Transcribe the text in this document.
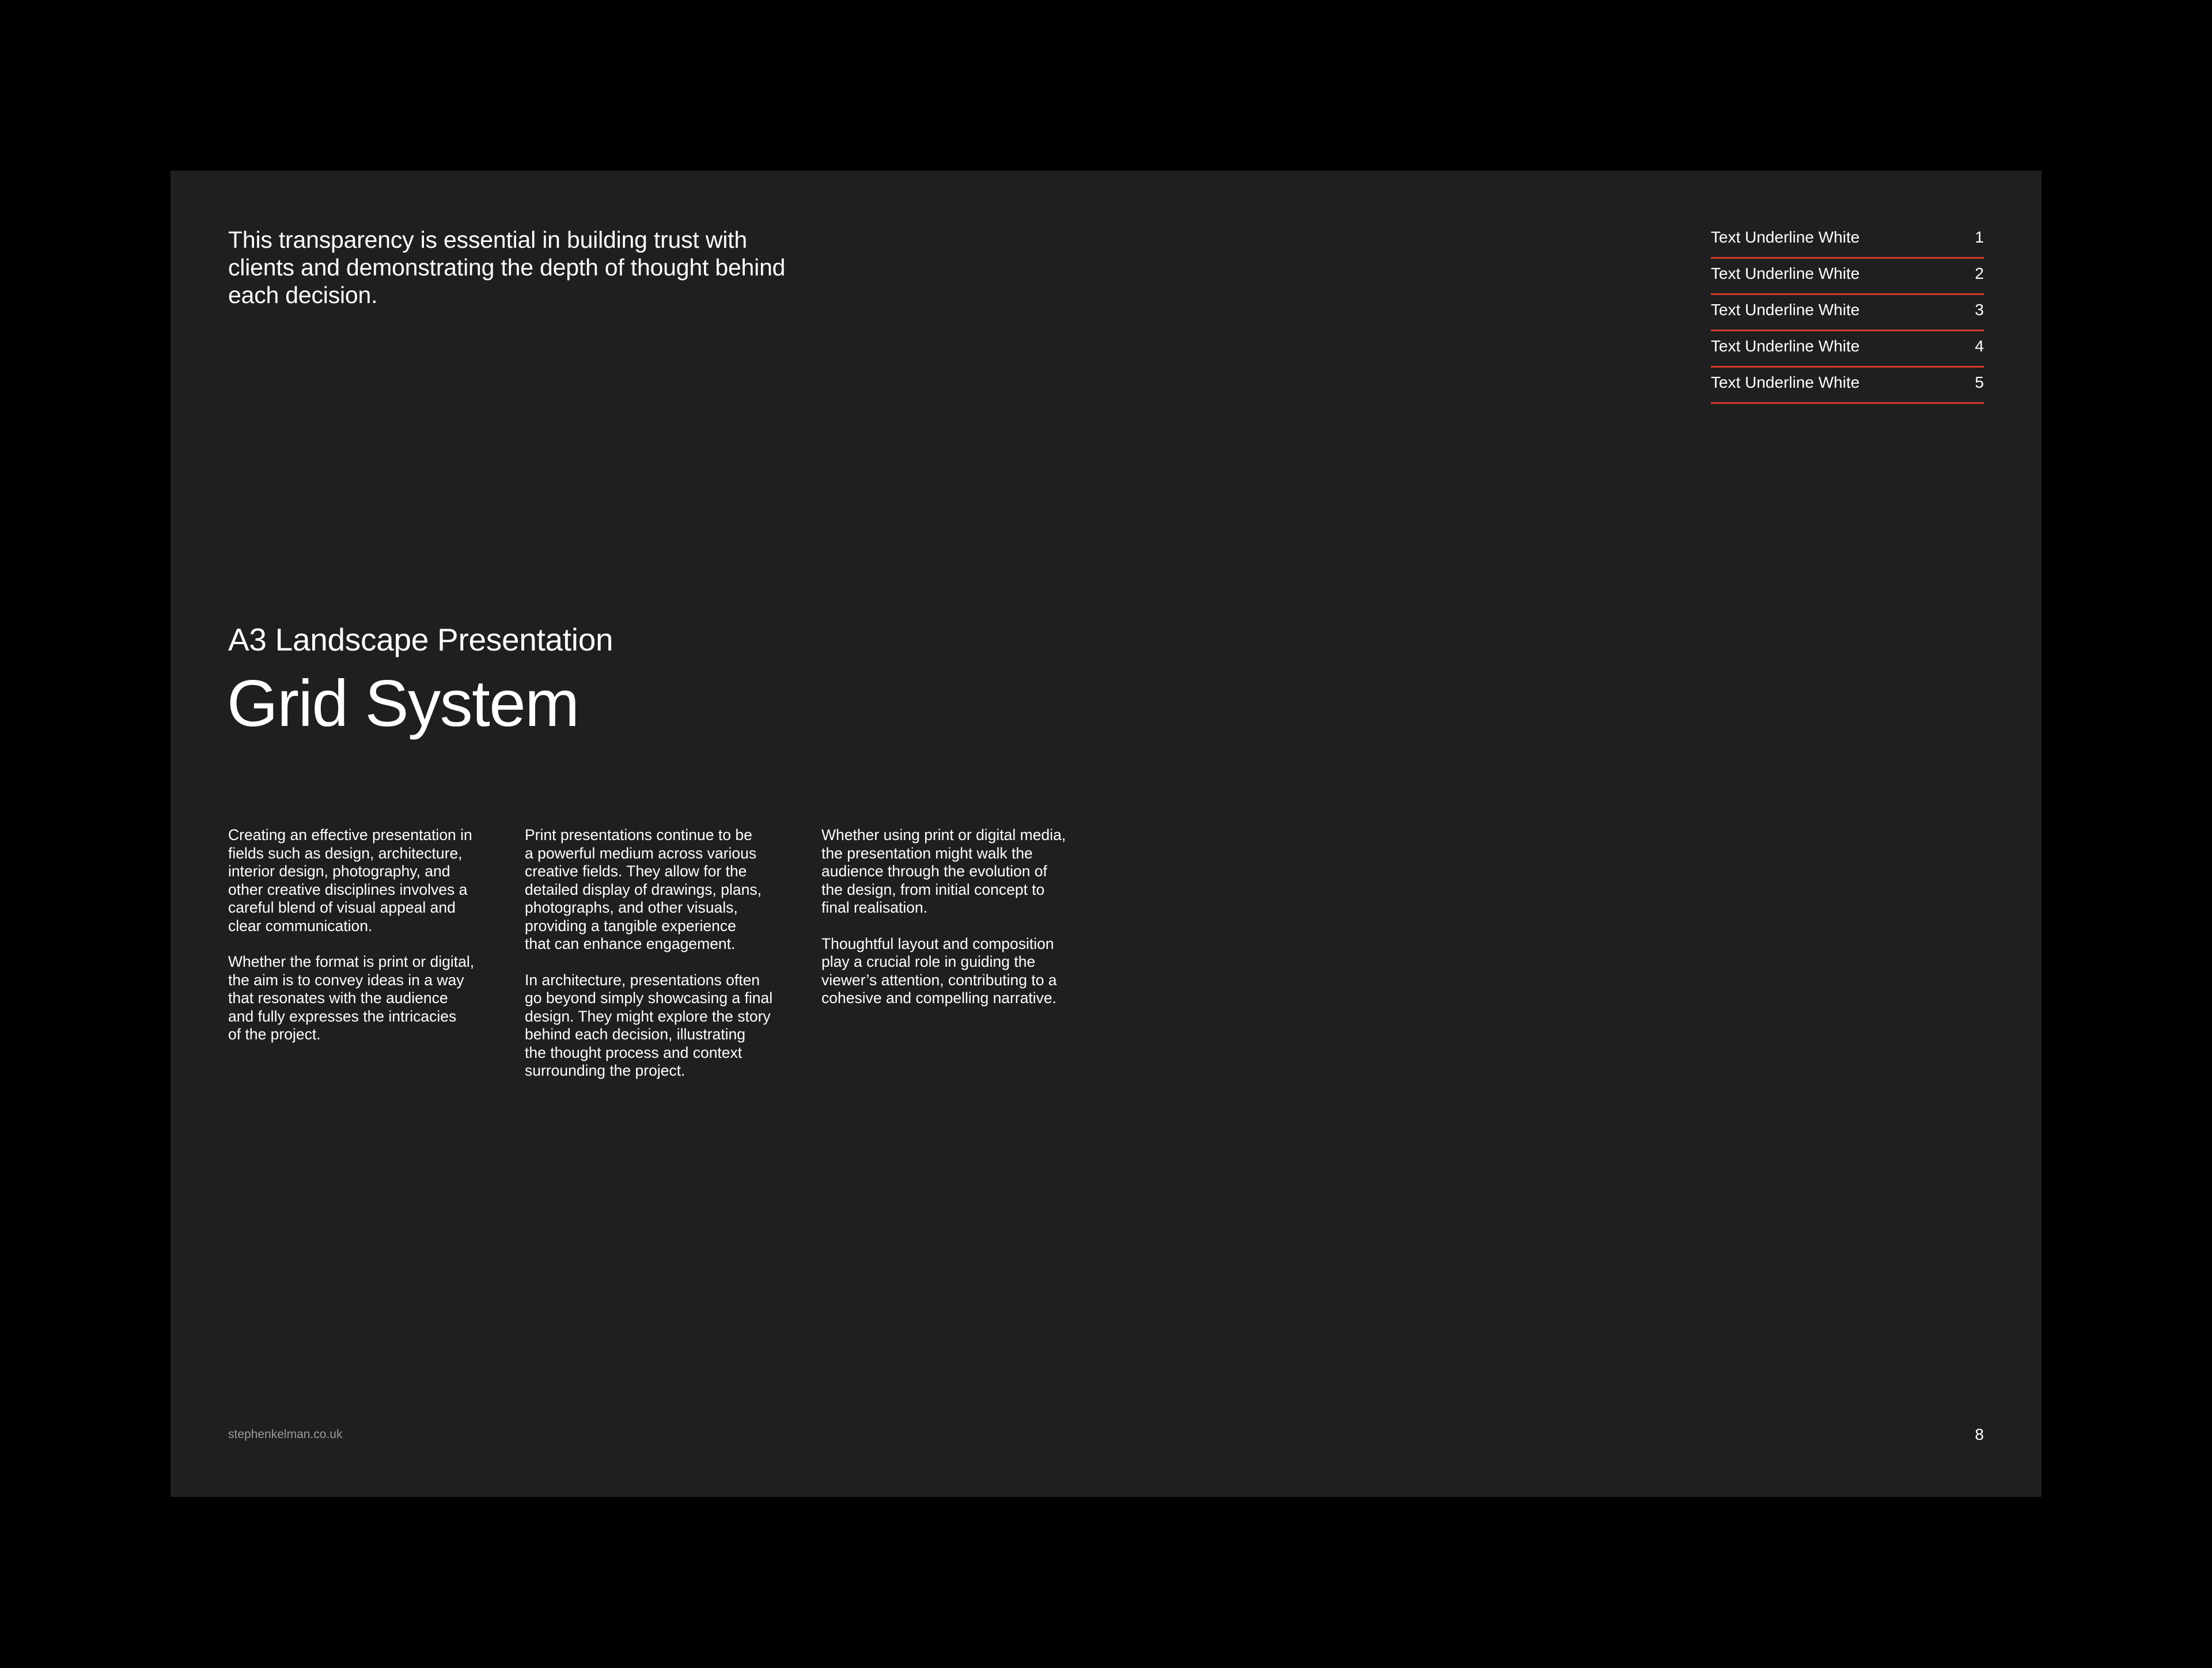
This transparency is essential in building trust with clients and demonstrating the depth of thought behind each decision.

Text Underline White	1
Text Underline White	2
Text Underline White	3
Text Underline White	4
Text Underline White	5
A3 Landscape Presentation
Grid System

Creating an effective presentation in
fields such as design, architecture,
interior design, photography, and
other creative disciplines involves a
careful blend of visual appeal and
clear communication.

Whether the format is print or digital,
the aim is to convey ideas in a way
that resonates with the audience
and fully expresses the intricacies
of the project.

Print presentations continue to be
a powerful medium across various
creative fields. They allow for the
detailed display of drawings, plans,
photographs, and other visuals,
providing a tangible experience
that can enhance engagement.

In architecture, presentations often
go beyond simply showcasing a final
design. They might explore the story
behind each decision, illustrating
the thought process and context
surrounding the project.

Whether using print or digital media,
the presentation might walk the
audience through the evolution of
the design, from initial concept to
final realisation.

Thoughtful layout and composition
play a crucial role in guiding the
viewer’s attention, contributing to a
cohesive and compelling narrative.

stephenkelman.co.uk	8
